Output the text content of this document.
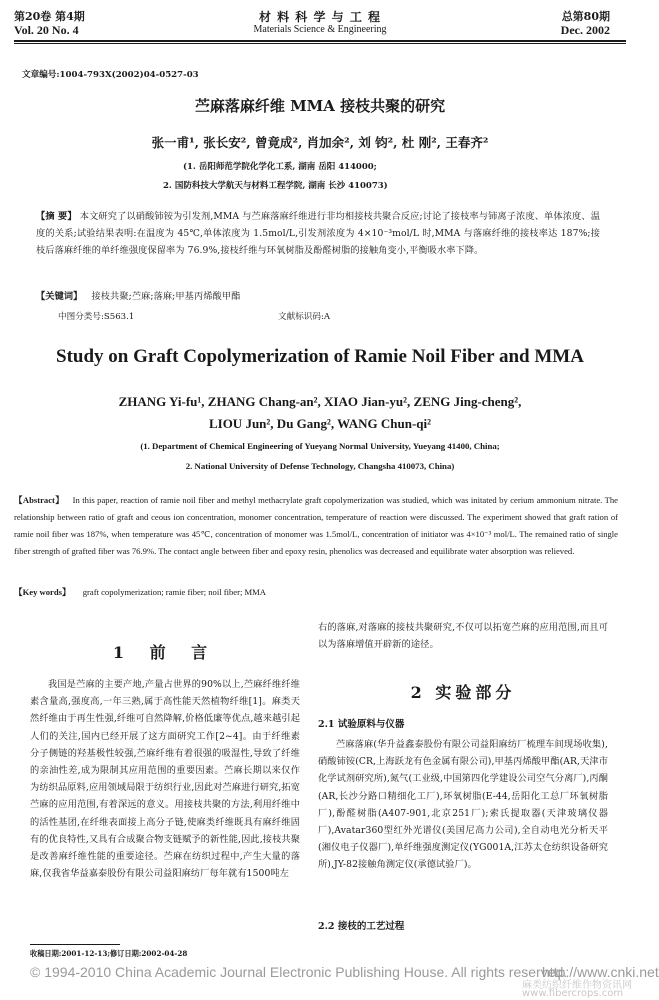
第20卷 第4期
Vol. 20 No. 4
材 料 科 学 与 工 程
Materials Science & Engineering
总第80期
Dec. 2002
文章编号:1004-793X(2002)04-0527-03
苎麻落麻纤维 MMA 接枝共聚的研究
张一甫¹, 张长安², 曾竟成², 肖加余², 刘 钧², 杜 刚², 王春齐²
(1. 岳阳师范学院化学化工系, 湖南 岳阳 414000;
2. 国防科技大学航天与材料工程学院, 湖南 长沙 410073)
【摘 要】 本文研究了以硝酸铈铵为引发剂,MMA 与苎麻落麻纤维进行非均相接枝共聚合反应;讨论了接枝率与铈离子浓度、单体浓度、温度的关系;试验结果表明:在温度为 45℃,单体浓度为 1.5mol/L,引发剂浓度为 4×10⁻³mol/L 时,MMA 与落麻纤维的接枝率达 187%;接枝后落麻纤维的单纤维强度保留率为 76.9%,接枝纤维与环氧树脂及酚醛树脂的接触角变小,平衡吸水率下降。
【关键词】 接枝共聚;苎麻;落麻;甲基丙烯酸甲酯
中图分类号:S563.1	文献标识码:A
Study on Graft Copolymerization of Ramie Noil Fiber and MMA
ZHANG Yi-fu¹, ZHANG Chang-an², XIAO Jian-yu², ZENG Jing-cheng²,
LIOU Jun², Du Gang², WANG Chun-qi²
(1. Department of Chemical Engineering of Yueyang Normal University, Yueyang 41400, China;
2. National University of Defense Technology, Changsha 410073, China)
【Abstract】 In this paper, reaction of ramie noil fiber and methyl methacrylate graft copolymerization was studied, which was initated by cerium ammonium nitrate. The relationship between ratio of graft and ceous ion concentration, monomer concentration, temperature of reaction were discussed. The experiment showed that graft ration of ramie noil fiber was 187%, when temperature was 45℃, concentration of monomer was 1.5mol/L, concentration of initiator was 4×10⁻³ mol/L. The remained ratio of single fiber strength of grafted fiber was 76.9%. The contact angle between fiber and epoxy resin, phenolics was decreased and equilibrate water absorption was relieved.
【Key words】 graft copolymerization; ramie fiber; noil fiber; MMA
1 前 言
我国是苎麻的主要产地,产量占世界的90%以上,苎麻纤维纤维素含量高,强度高,一年三熟,属于高性能天然植物纤维[1]。麻类天然纤维由于再生性强,纤维可自然降解,价格低廉等优点,越来越引起人们的关注,国内已经开展了这方面研究工作[2~4]。由于纤维素分子侧链的羟基极性较强,苎麻纤维有着很强的吸湿性,导致了纤维的亲油性差,成为限制其应用范围的重要因素。苎麻长期以来仅作为纺织品原料,应用领域局限于纺织行业,因此对苎麻进行研究,拓宽苎麻的应用范围,有着深远的意义。用接枝共聚的方法,利用纤维中的活性基团,在纤维表面接上高分子链,使麻类纤维既具有麻纤维固有的优良特性,又具有合成聚合物支链赋予的新性能,因此,接枝共聚是改善麻纤维性能的重要途径。苎麻在纺织过程中,产生大量的落麻,仅我省华益嘉泰股份有限公司益阳麻纺厂每年就有1500吨左
右的落麻,对落麻的接枝共聚研究,不仅可以拓宽苎麻的应用范围,而且可以为落麻增值开辟新的途径。
2 实验部分
2.1 试验原料与仪器
苎麻落麻(华升益鑫泰股份有限公司益阳麻纺厂梳理车间现场收集),硝酸铈铵(CR,上海跃龙有色金属有限公司),甲基丙烯酸甲酯(AR,天津市化学试剂研究所),氮气(工业级,中国第四化学建设公司空气分离厂),丙酮(AR,长沙分路口精细化工厂),环氧树脂(E-44,岳阳化工总厂环氧树脂厂),酚醛树脂(A407-901,北京251厂);索氏提取器(天津玻璃仪器厂),Avatar360型红外光谱仪(美国尼高力公司),全自动电光分析天平(湘仪电子仪器厂),单纤维强度测定仪(YG001A,江苏太仓纺织设备研究所),JY-82接触角测定仪(承德试验厂)。
2.2 接枝的工艺过程
收稿日期:2001-12-13;修订日期:2002-04-28
© 1994-2010 China Academic Journal Electronic Publishing House. All rights reserved.
http://www.cnki.net
麻类纺织纤维作物资讯网
www.fibercrops.com
